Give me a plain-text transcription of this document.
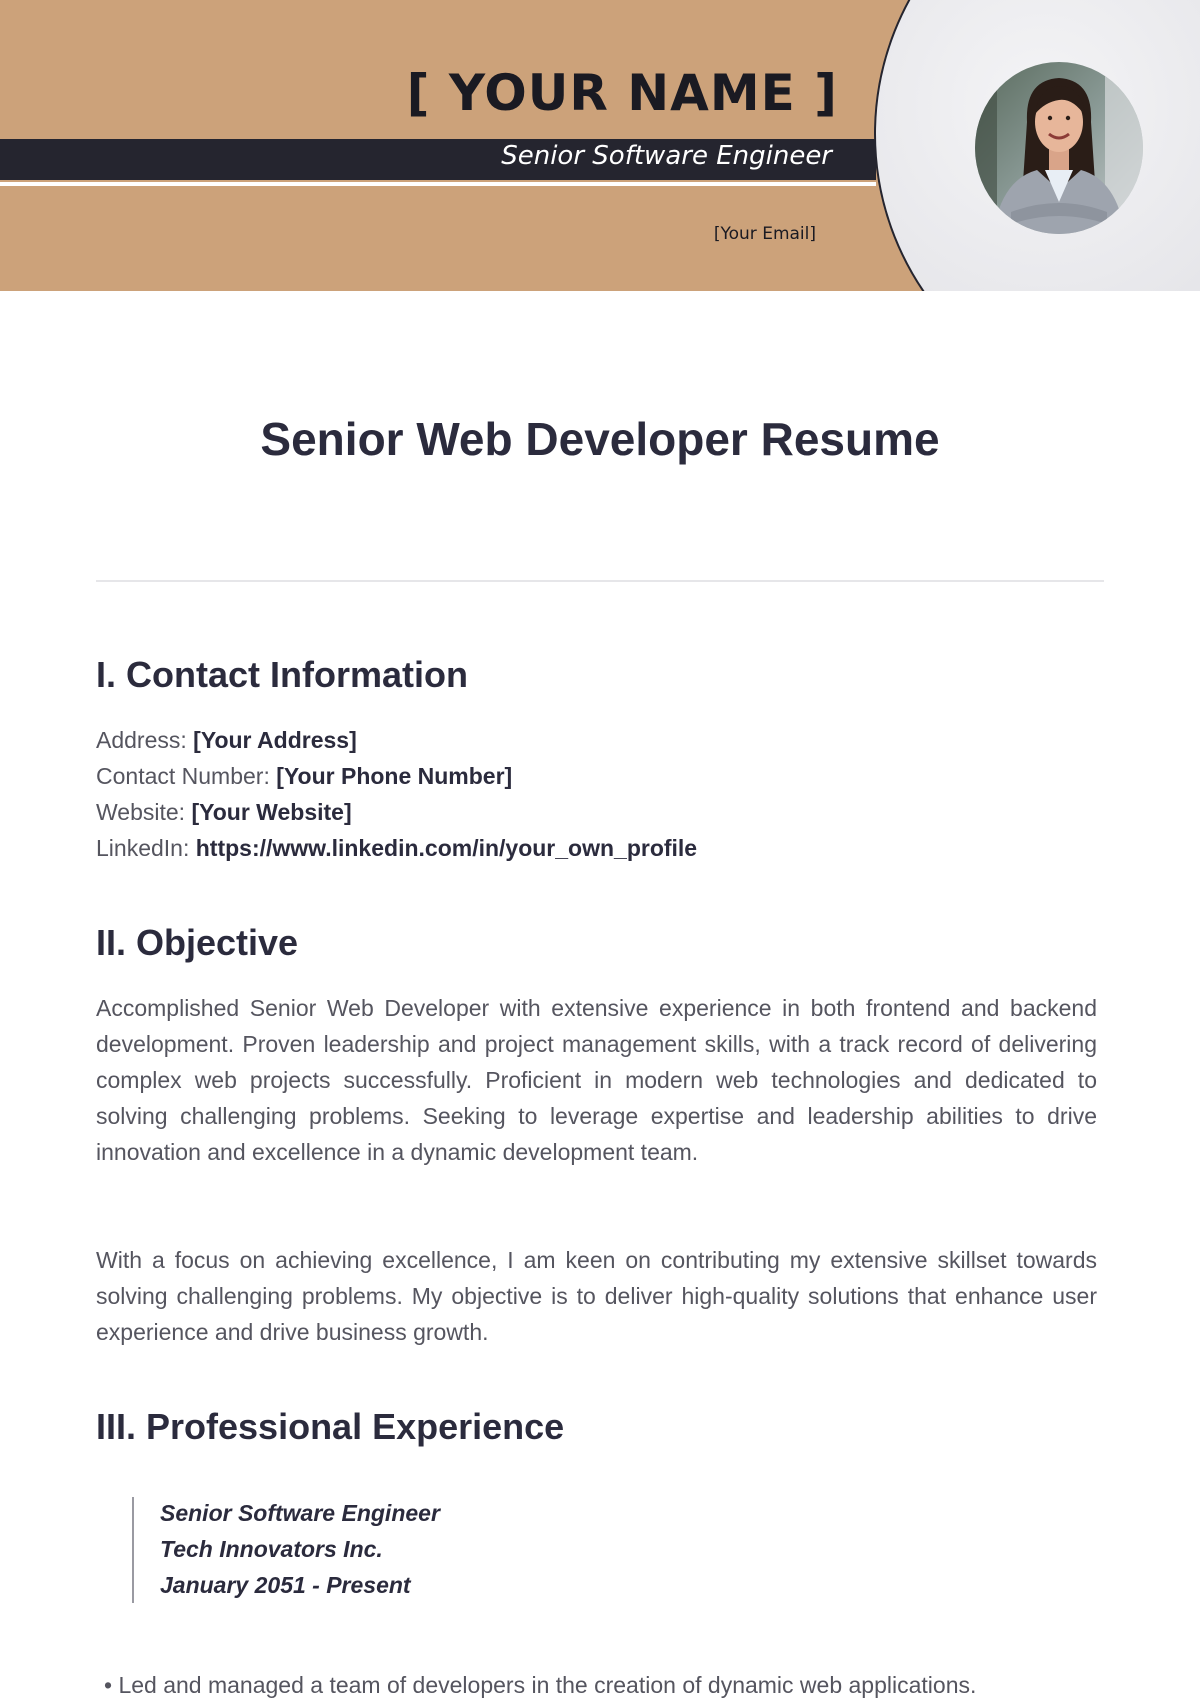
[ YOUR NAME ]
Senior Software Engineer
[Your Email]
Senior Web Developer Resume
I. Contact Information
Address: [Your Address]
Contact Number: [Your Phone Number]
Website: [Your Website]
LinkedIn: https://www.linkedin.com/in/your_own_profile
II. Objective

Accomplished Senior Web Developer with extensive experience in both frontend and backend development. Proven leadership and project management skills, with a track record of delivering complex web projects successfully. Proficient in modern web technologies and dedicated to solving challenging problems. Seeking to leverage expertise and leadership abilities to drive innovation and excellence in a dynamic development team.

With a focus on achieving excellence, I am keen on contributing my extensive skillset towards solving challenging problems. My objective is to deliver high-quality solutions that enhance user experience and drive business growth.

III. Professional Experience
Senior Software Engineer
Tech Innovators Inc.
January 2051 - Present
• Led and managed a team of developers in the creation of dynamic web applications.
